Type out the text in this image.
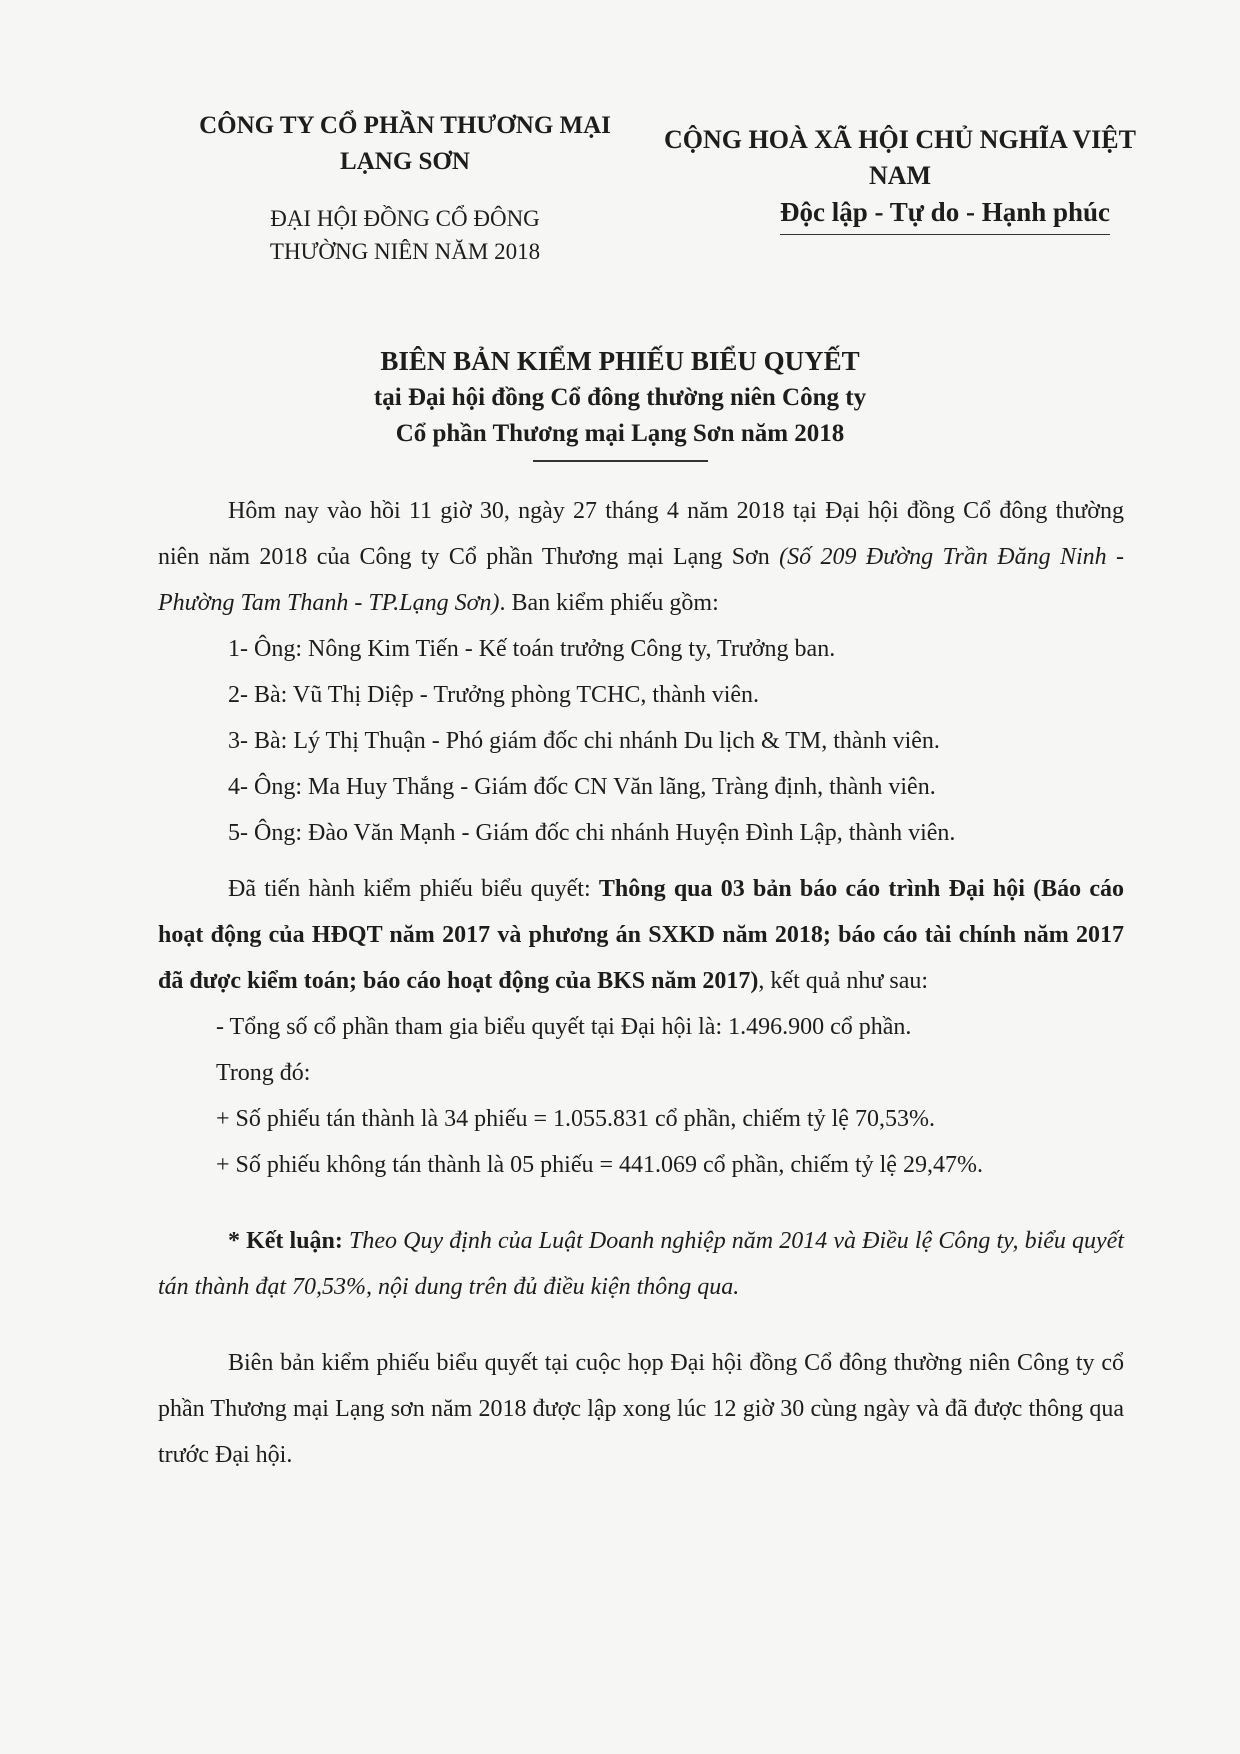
CÔNG TY CỔ PHẦN THƯƠNG MẠI
LẠNG SƠN
ĐẠI HỘI ĐỒNG CỔ ĐÔNG
THƯỜNG NIÊN NĂM 2018
CỘNG HOÀ XÃ HỘI CHỦ NGHĨA VIỆT NAM
Độc lập - Tự do - Hạnh phúc
BIÊN BẢN KIỂM PHIẾU BIỂU QUYẾT
tại Đại hội đồng Cổ đông thường niên Công ty
Cổ phần Thương mại Lạng Sơn năm 2018

Hôm nay vào hồi 11 giờ 30, ngày 27 tháng 4 năm 2018 tại Đại hội đồng Cổ đông thường niên năm 2018 của Công ty Cổ phần Thương mại Lạng Sơn (Số 209 Đường Trần Đăng Ninh - Phường Tam Thanh - TP.Lạng Sơn). Ban kiểm phiếu gồm:

1- Ông: Nông Kim Tiến - Kế toán trưởng Công ty, Trưởng ban.

2- Bà: Vũ Thị Diệp - Trưởng phòng TCHC, thành viên.

3- Bà: Lý Thị Thuận - Phó giám đốc chi nhánh Du lịch & TM, thành viên.

4- Ông: Ma Huy Thắng - Giám đốc CN Văn lãng, Tràng định, thành viên.

5- Ông: Đào Văn Mạnh - Giám đốc chi nhánh Huyện Đình Lập, thành viên.

Đã tiến hành kiểm phiếu biểu quyết: Thông qua 03 bản báo cáo trình Đại hội (Báo cáo hoạt động của HĐQT năm 2017 và phương án SXKD năm 2018; báo cáo tài chính năm 2017 đã được kiểm toán; báo cáo hoạt động của BKS năm 2017), kết quả như sau:

- Tổng số cổ phần tham gia biểu quyết tại Đại hội là: 1.496.900 cổ phần.

Trong đó:

+ Số phiếu tán thành là 34 phiếu = 1.055.831 cổ phần, chiếm tỷ lệ 70,53%.

+ Số phiếu không tán thành là 05 phiếu = 441.069 cổ phần, chiếm tỷ lệ 29,47%.

* Kết luận: Theo Quy định của Luật Doanh nghiệp năm 2014 và Điều lệ Công ty, biểu quyết tán thành đạt 70,53%, nội dung trên đủ điều kiện thông qua.

Biên bản kiểm phiếu biểu quyết tại cuộc họp Đại hội đồng Cổ đông thường niên Công ty cổ phần Thương mại Lạng sơn năm 2018 được lập xong lúc 12 giờ 30 cùng ngày và đã được thông qua trước Đại hội.
